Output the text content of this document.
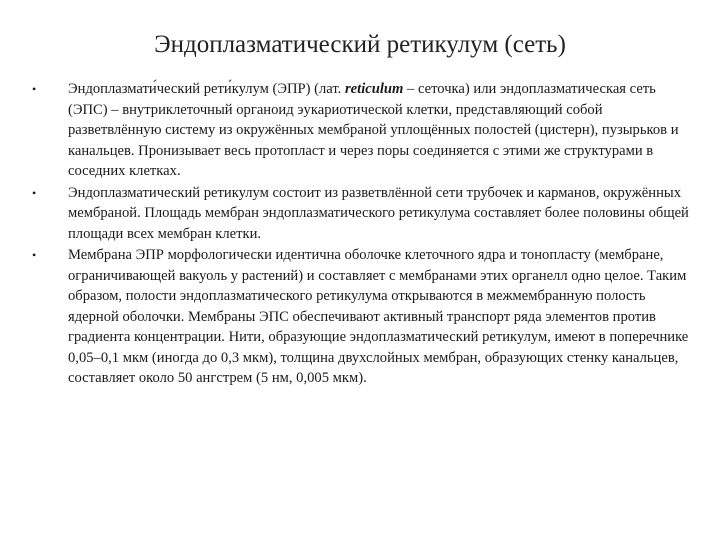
Эндоплазматический ретикулум (сеть)
•	Эндоплазмати́ческий рети́кулум (ЭПР) (лат. reticulum – сеточка) или эндоплазматическая сеть (ЭПС) – внутриклеточный органоид эукариотической клетки, представляющий собой разветвлённую систему из окружённых мембраной уплощённых полостей (цистерн), пузырьков и канальцев. Пронизывает весь протопласт и через поры соединяется с этими же структурами в соседних клетках.
•	Эндоплазматический ретикулум состоит из разветвлённой сети трубочек и карманов, окружённых мембраной. Площадь мембран эндоплазматического ретикулума составляет более половины общей площади всех мембран клетки.
•	Мембрана ЭПР морфологически идентична оболочке клеточного ядра и тонопласту (мембране, ограничивающей вакуоль у растений) и составляет с мембранами этих органелл одно целое. Таким образом, полости эндоплазматического ретикулума открываются в межмембранную полость ядерной оболочки. Мембраны ЭПС обеспечивают активный транспорт ряда элементов против градиента концентрации. Нити, образующие эндоплазматический ретикулум, имеют в поперечнике 0,05–0,1 мкм (иногда до 0,3 мкм), толщина двухслойных мембран, образующих стенку канальцев, составляет около 50 ангстрем (5 нм, 0,005 мкм).
